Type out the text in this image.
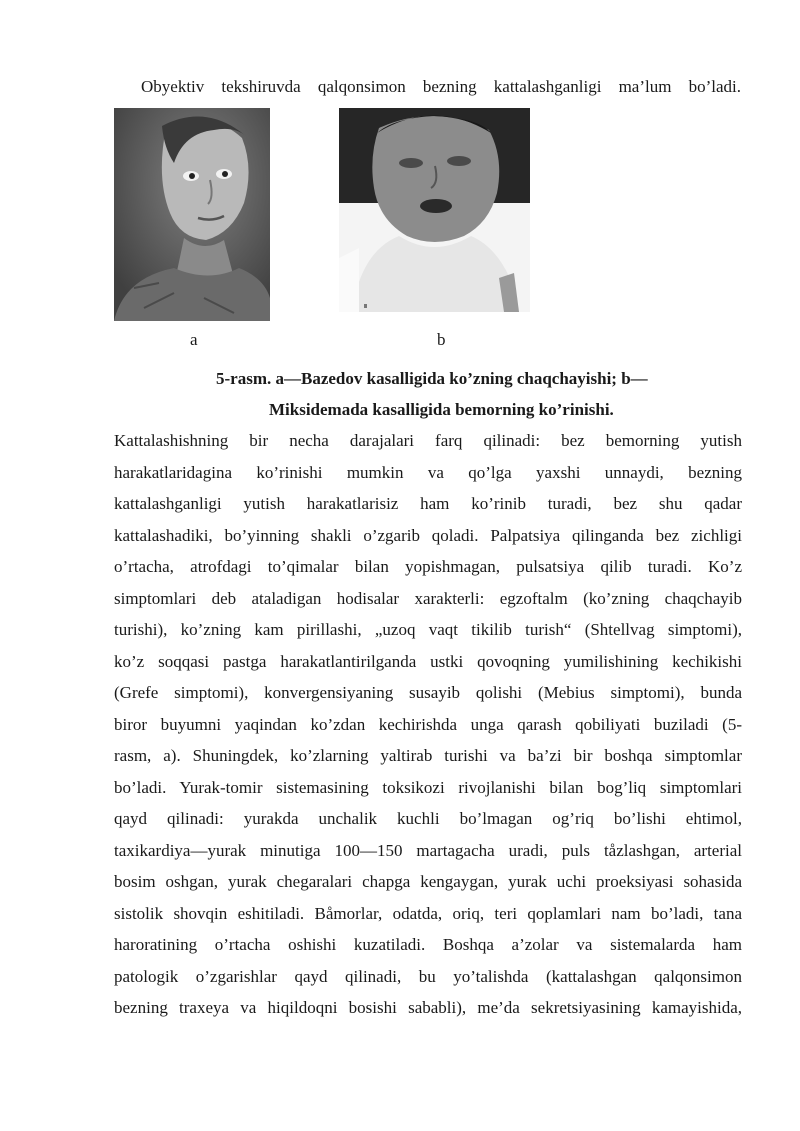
Obyektiv tekshiruvda qalqonsimon bezning kattalashganligi ma’lum bo’ladi.
a	b
5-rasm. a—Bazedov kasalligida ko’zning chaqchayishi; b—
Miksidemada kasalligida bemorning ko’rinishi.
Kattalashishning bir necha darajalari farq qilinadi: bez bemorning yutish
harakatlaridagina ko’rinishi mumkin va qo’lga yaxshi unnaydi, bezning
kattalashganligi yutish harakatlarisiz ham ko’rinib turadi, bez shu qadar
kattalashadiki, bo’yinning shakli o’zgarib qoladi. Palpatsiya qilinganda bez zichligi
o’rtacha, atrofdagi to’qimalar bilan yopishmagan, pulsatsiya qilib turadi. Ko’z
simptomlari deb ataladigan hodisalar xarakterli: egzoftalm (ko’zning chaqchayib
turishi), ko’zning kam pirillashi, „uzoq vaqt tikilib turish“ (Shtellvag simptomi),
ko’z soqqasi pastga harakatlantirilganda ustki qovoqning yumilishining kechikishi
(Grefe simptomi), konvergensiyaning susayib qolishi (Mebius simptomi), bunda
biror buyumni yaqindan ko’zdan kechirishda unga qarash qobiliyati buziladi (5-
rasm, a). Shuningdek, ko’zlarning yaltirab turishi va ba’zi bir boshqa simptomlar
bo’ladi. Yurak-tomir sistemasining toksikozi rivojlanishi bilan bog’liq simptomlari
qayd qilinadi: yurakda unchalik kuchli bo’lmagan og’riq bo’lishi ehtimol,
taxikardiya—yurak minutiga 100—150 martagacha uradi, puls tåzlashgan, arterial
bosim oshgan, yurak chegaralari chapga kengaygan, yurak uchi proeksiyasi sohasida
sistolik shovqin eshitiladi. Båmorlar, odatda, oriq, teri qoplamlari nam bo’ladi, tana
haroratining o’rtacha oshishi kuzatiladi. Boshqa a’zolar va sistemalarda ham
patologik o’zgarishlar qayd qilinadi, bu yo’talishda (kattalashgan qalqonsimon
bezning traxeya va hiqildoqni bosishi sababli), me’da sekretsiyasining kamayishida,
